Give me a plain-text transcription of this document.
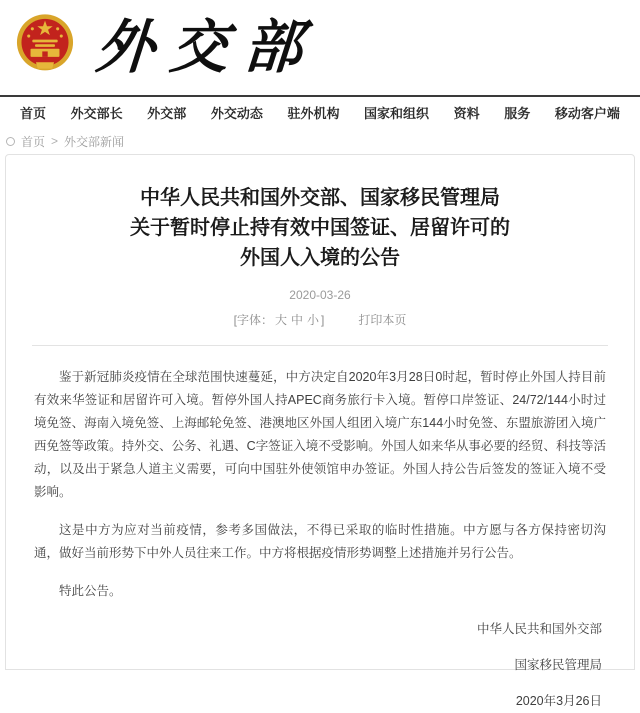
外交部
首页 外交部长 外交部 外交动态 驻外机构 国家和组织 资料 服务 移动客户端
首页 > 外交部新闻
中华人民共和国外交部、国家移民管理局
关于暂时停止持有效中国签证、居留许可的
外国人入境的公告
2020-03-26
[字体： 大 中 小 ]	打印本页

鉴于新冠肺炎疫情在全球范围快速蔓延，中方决定自2020年3月28日0时起，暂时停止外国人持目前有效来华签证和居留许可入境。暂停外国人持APEC商务旅行卡入境。暂停口岸签证、24/72/144小时过境免签、海南入境免签、上海邮轮免签、港澳地区外国人组团入境广东144小时免签、东盟旅游团入境广西免签等政策。持外交、公务、礼遇、C字签证入境不受影响。外国人如来华从事必要的经贸、科技等活动，以及出于紧急人道主义需要，可向中国驻外使领馆申办签证。外国人持公告后签发的签证入境不受影响。

这是中方为应对当前疫情，参考多国做法，不得已采取的临时性措施。中方愿与各方保持密切沟通，做好当前形势下中外人员往来工作。中方将根据疫情形势调整上述措施并另行公告。

特此公告。

中华人民共和国外交部
国家移民管理局
2020年3月26日
